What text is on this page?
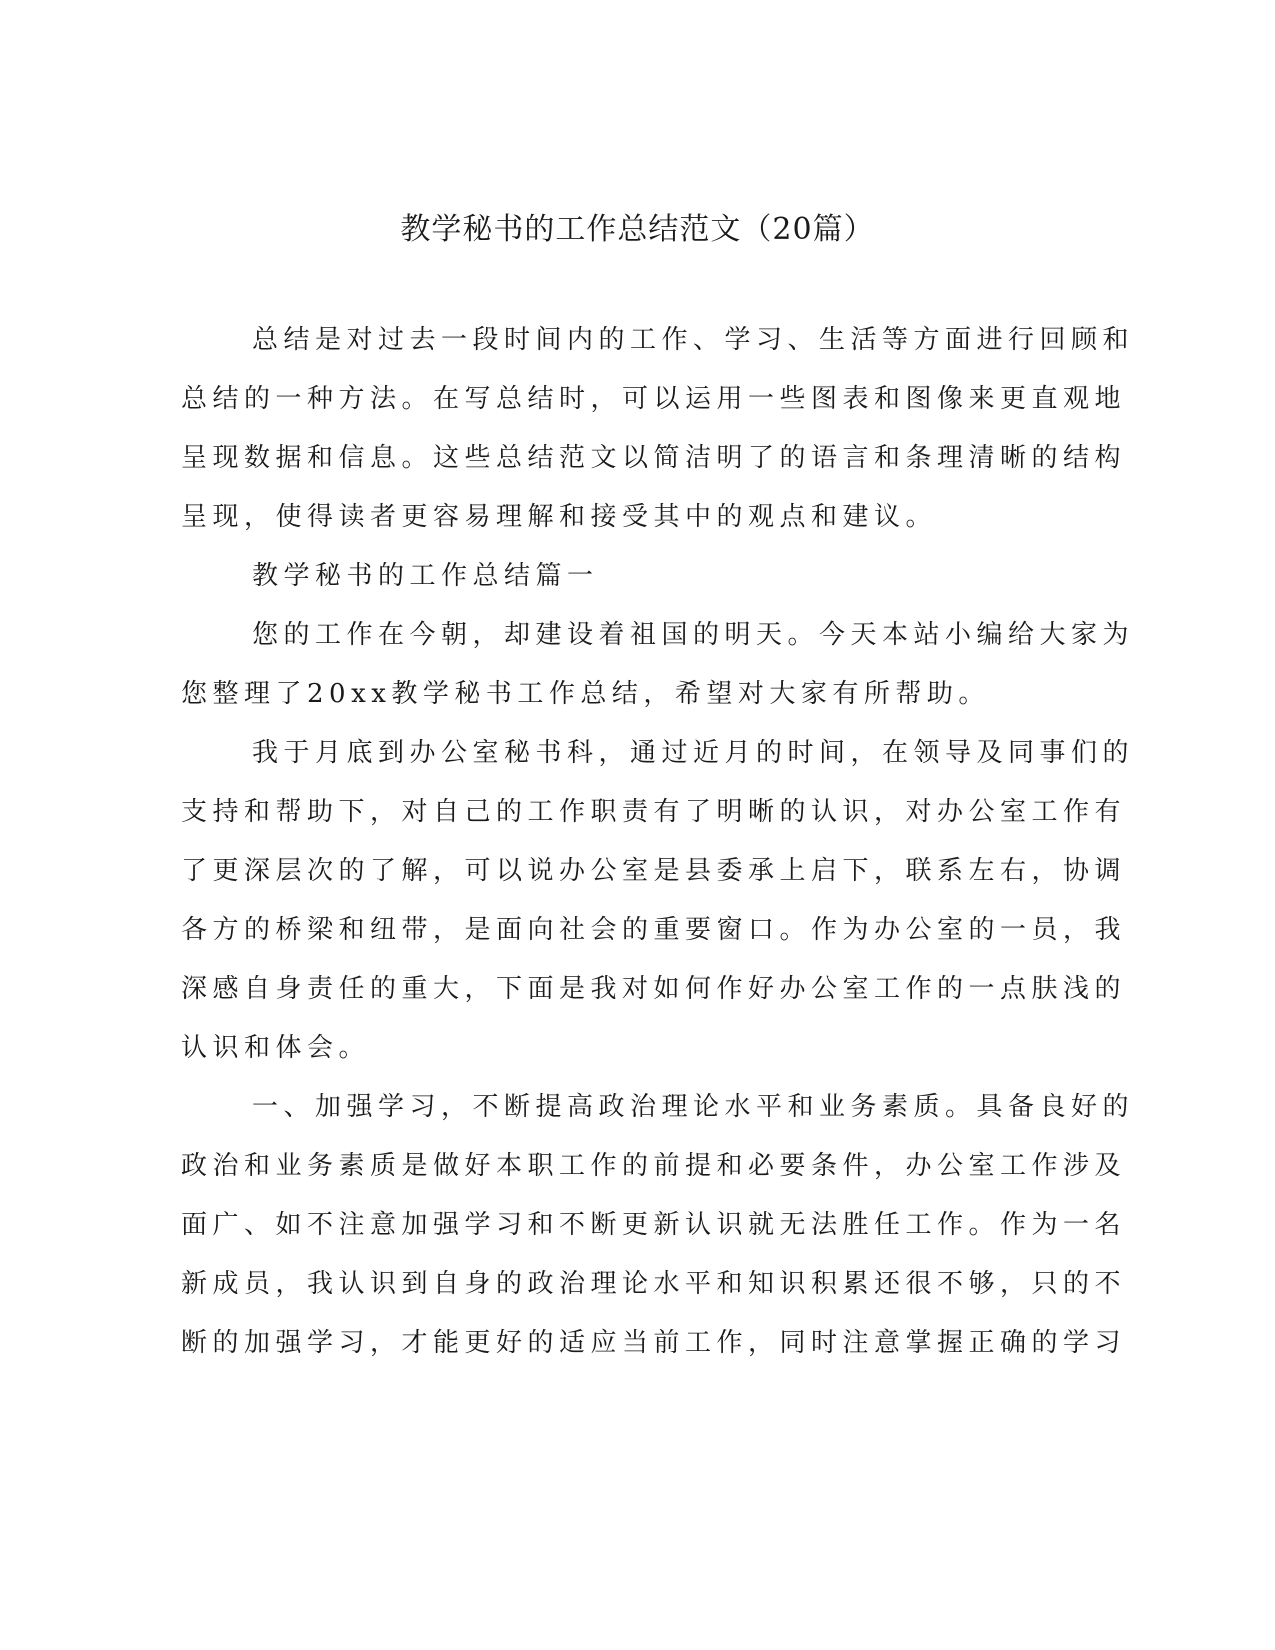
教学秘书的工作总结范文（20篇）
总结是对过去一段时间内的工作、学习、生活等方面进行回顾和
总结的一种方法。在写总结时，可以运用一些图表和图像来更直观地
呈现数据和信息。这些总结范文以简洁明了的语言和条理清晰的结构
呈现，使得读者更容易理解和接受其中的观点和建议。
教学秘书的工作总结篇一
您的工作在今朝，却建设着祖国的明天。今天本站小编给大家为
您整理了20xx教学秘书工作总结，希望对大家有所帮助。
我于月底到办公室秘书科，通过近月的时间，在领导及同事们的
支持和帮助下，对自己的工作职责有了明晰的认识，对办公室工作有
了更深层次的了解，可以说办公室是县委承上启下，联系左右，协调
各方的桥梁和纽带，是面向社会的重要窗口。作为办公室的一员，我
深感自身责任的重大，下面是我对如何作好办公室工作的一点肤浅的
认识和体会。
一、加强学习，不断提高政治理论水平和业务素质。具备良好的
政治和业务素质是做好本职工作的前提和必要条件，办公室工作涉及
面广、如不注意加强学习和不断更新认识就无法胜任工作。作为一名
新成员，我认识到自身的政治理论水平和知识积累还很不够，只的不
断的加强学习，才能更好的适应当前工作，同时注意掌握正确的学习
